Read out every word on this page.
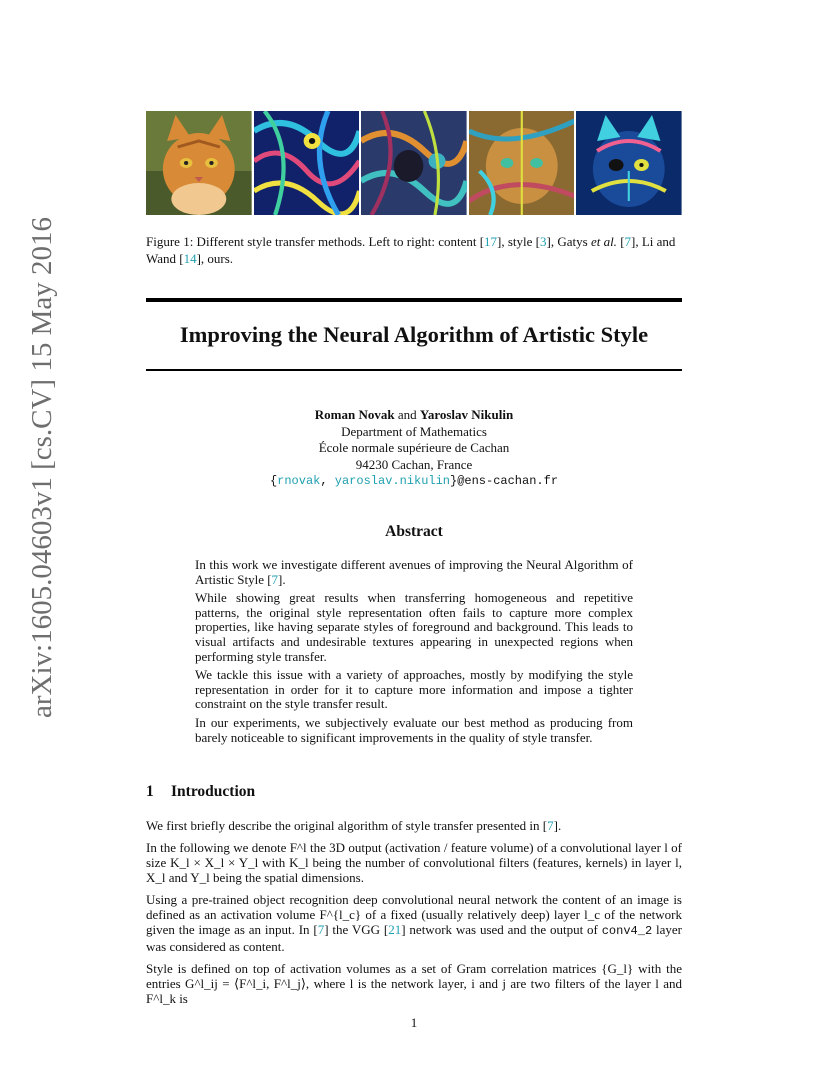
arXiv:1605.04603v1 [cs.CV] 15 May 2016	Figure 1: Different style transfer methods. Left to right: content [17], style [3], Gatys et al. [7], Li and Wand [14], ours.
Improving the Neural Algorithm of Artistic Style
Roman Novak and Yaroslav Nikulin
Department of Mathematics
École normale supérieure de Cachan
94230 Cachan, France
{rnovak, yaroslav.nikulin}@ens-cachan.fr
Abstract

In this work we investigate different avenues of improving the Neural Algorithm of Artistic Style [7].

While showing great results when transferring homogeneous and repetitive patterns, the original style representation often fails to capture more complex properties, like having separate styles of foreground and background. This leads to visual artifacts and undesirable textures appearing in unexpected regions when performing style transfer.

We tackle this issue with a variety of approaches, mostly by modifying the style representation in order for it to capture more information and impose a tighter constraint on the style transfer result.

In our experiments, we subjectively evaluate our best method as producing from barely noticeable to significant improvements in the quality of style transfer.

1 Introduction

We first briefly describe the original algorithm of style transfer presented in [7].

In the following we denote F^l the 3D output (activation / feature volume) of a convolutional layer l of size K_l × X_l × Y_l with K_l being the number of convolutional filters (features, kernels) in layer l, X_l and Y_l being the spatial dimensions.

Using a pre-trained object recognition deep convolutional neural network the content of an image is defined as an activation volume F^{l_c} of a fixed (usually relatively deep) layer l_c of the network given the image as an input. In [7] the VGG [21] network was used and the output of conv4_2 layer was considered as content.

Style is defined on top of activation volumes as a set of Gram correlation matrices {G_l} with the entries G^l_ij = ⟨F^l_i, F^l_j⟩, where l is the network layer, i and j are two filters of the layer l and F^l_k is

1
